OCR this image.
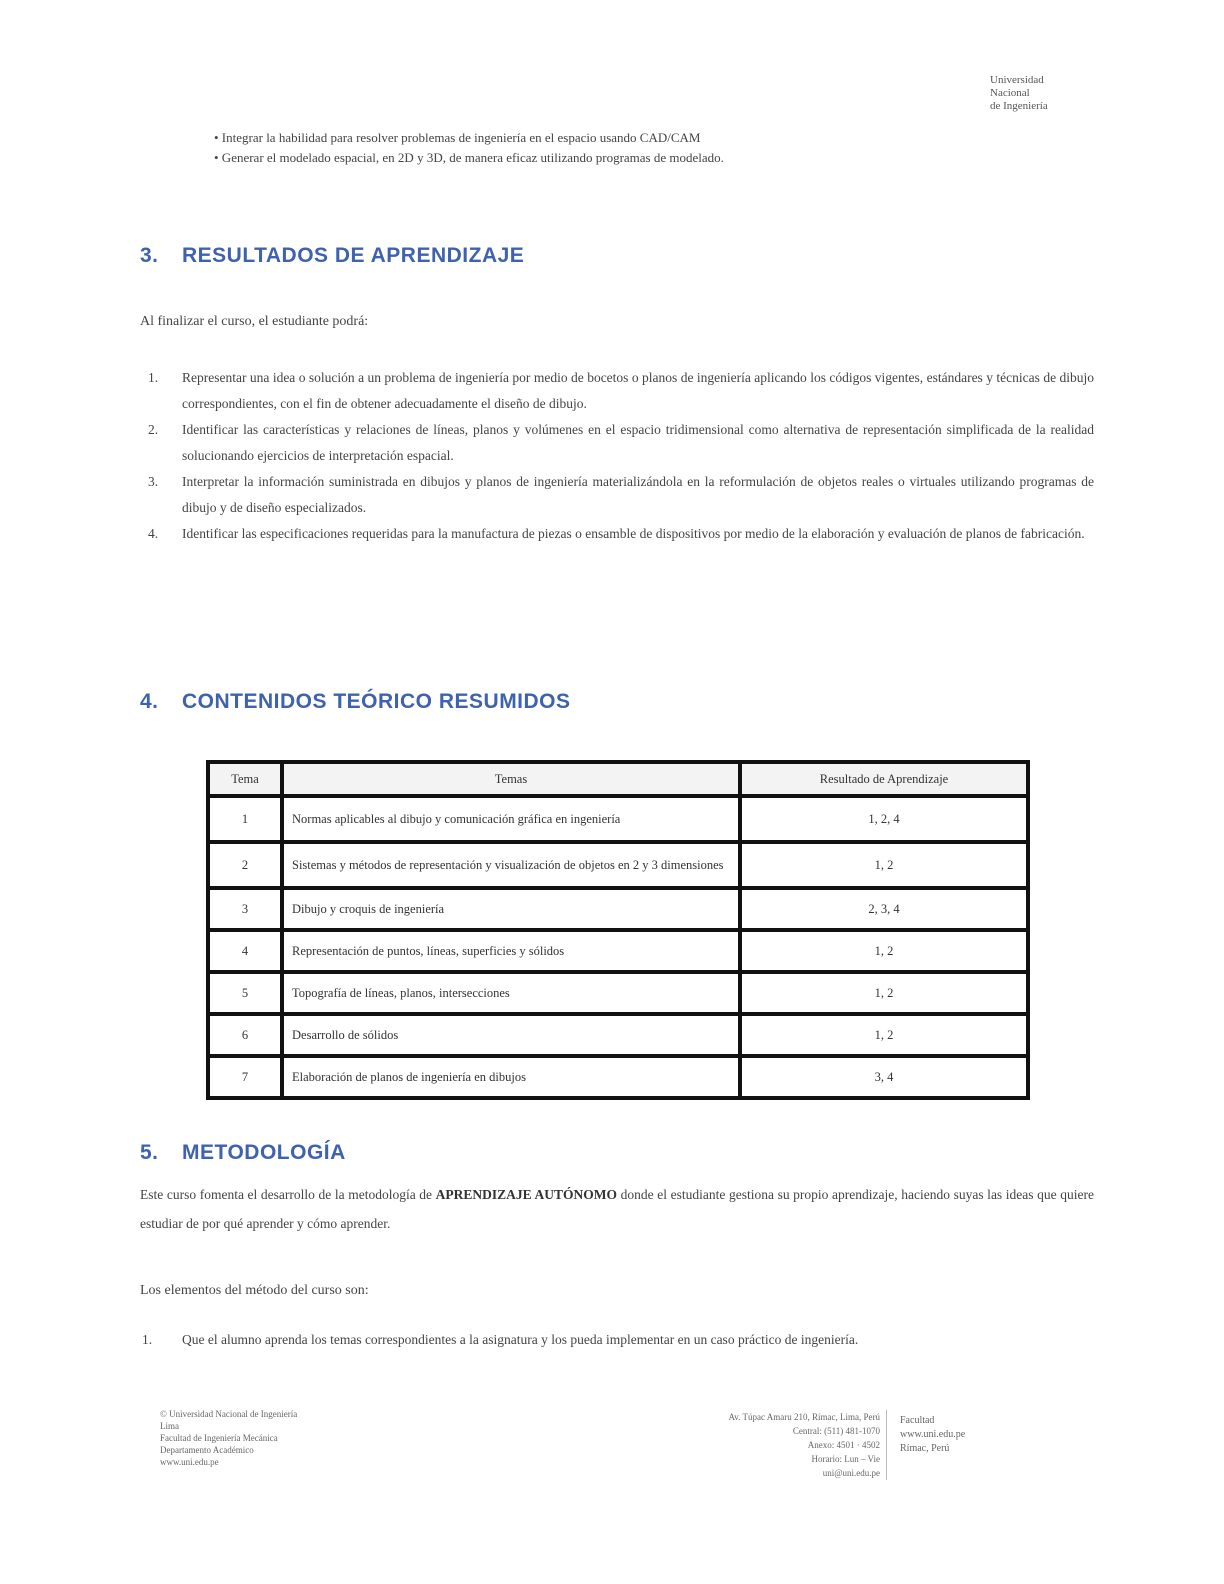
Universidad
Nacional
de Ingeniería

• Integrar la habilidad para resolver problemas de ingeniería en el espacio usando CAD/CAM

• Generar el modelado espacial, en 2D y 3D, de manera eficaz utilizando programas de modelado.

3. RESULTADOS DE APRENDIZAJE
Al finalizar el curso, el estudiante podrá:
1. Representar una idea o solución a un problema de ingeniería por medio de bocetos o planos de ingeniería aplicando los códigos vigentes, estándares y técnicas de dibujo correspondientes, con el fin de obtener adecuadamente el diseño de dibujo.
2. Identificar las características y relaciones de líneas, planos y volúmenes en el espacio tridimensional como alternativa de representación simplificada de la realidad solucionando ejercicios de interpretación espacial.
3. Interpretar la información suministrada en dibujos y planos de ingeniería materializándola en la reformulación de objetos reales o virtuales utilizando programas de dibujo y de diseño especializados.
4. Identificar las especificaciones requeridas para la manufactura de piezas o ensamble de dispositivos por medio de la elaboración y evaluación de planos de fabricación.
4. CONTENIDOS TEÓRICO RESUMIDOS
Tema	Temas	Resultado de Aprendizaje
1	Normas aplicables al dibujo y comunicación gráfica en ingeniería	1, 2, 4
2	Sistemas y métodos de representación y visualización de objetos en 2 y 3 dimensiones	1, 2
3	Dibujo y croquis de ingeniería	2, 3, 4
4	Representación de puntos, líneas, superficies y sólidos	1, 2
5	Topografía de líneas, planos, intersecciones	1, 2
6	Desarrollo de sólidos	1, 2
7	Elaboración de planos de ingeniería en dibujos	3, 4
5. METODOLOGÍA

Este curso fomenta el desarrollo de la metodología de APRENDIZAJE AUTÓNOMO donde el estudiante gestiona su propio aprendizaje, haciendo suyas las ideas que quiere estudiar de por qué aprender y cómo aprender.

Los elementos del método del curso son:
1. Que el alumno aprenda los temas correspondientes a la asignatura y los pueda implementar en un caso práctico de ingeniería.
© Universidad Nacional de Ingeniería
Lima
Facultad de Ingeniería Mecánica
Departamento Académico
www.uni.edu.pe
Av. Túpac Amaru 210, Rímac, Lima, Perú
Central: (511) 481-1070
Anexo: 4501 · 4502
Horario: Lun – Vie
uni@uni.edu.pe
Facultad
www.uni.edu.pe
Rímac, Perú
